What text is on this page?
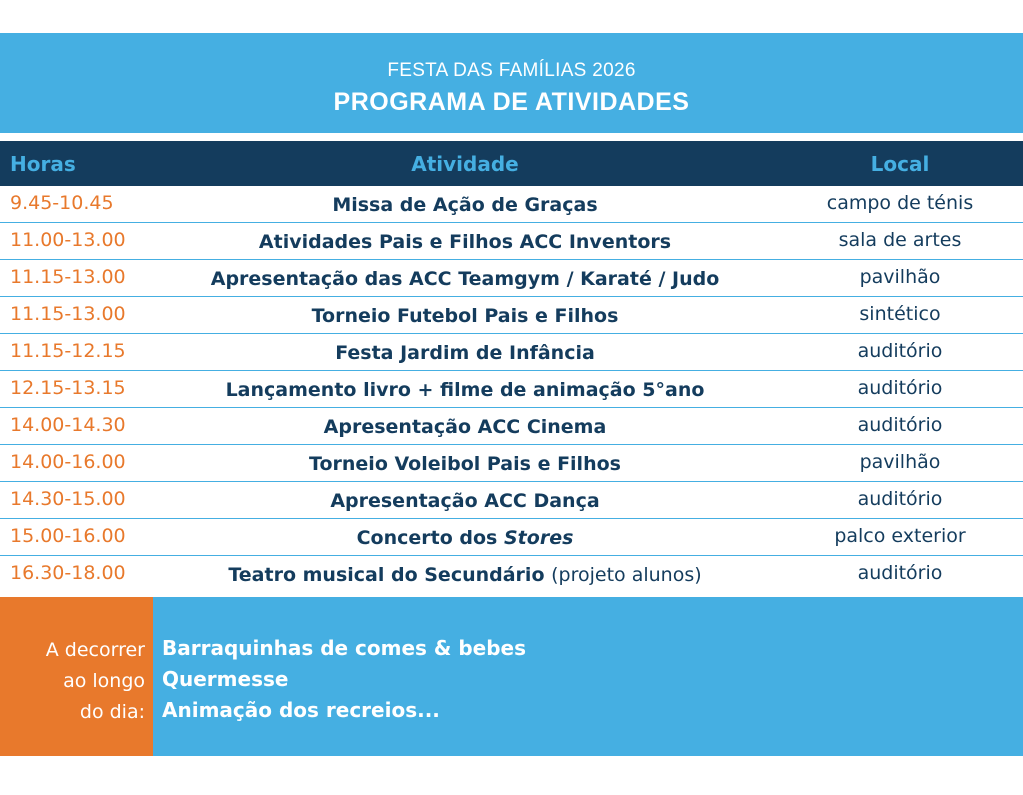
FESTA DAS FAMÍLIAS 2026
PROGRAMA DE ATIVIDADES
Horas	Atividade	Local
9.45-10.45	Missa de Ação de Graças	campo de ténis
11.00-13.00	Atividades Pais e Filhos ACC Inventors	sala de artes
11.15-13.00	Apresentação das ACC Teamgym / Karaté / Judo	pavilhão
11.15-13.00	Torneio Futebol Pais e Filhos	sintético
11.15-12.15	Festa Jardim de Infância	auditório
12.15-13.15	Lançamento livro + filme de animação 5°ano	auditório
14.00-14.30	Apresentação ACC Cinema	auditório
14.00-16.00	Torneio Voleibol Pais e Filhos	pavilhão
14.30-15.00	Apresentação ACC Dança	auditório
15.00-16.00	Concerto dos Stores	palco exterior
16.30-18.00	Teatro musical do Secundário (projeto alunos)	auditório
A decorrer
ao longo
do dia:
Barraquinhas de comes & bebes
Quermesse
Animação dos recreios...
